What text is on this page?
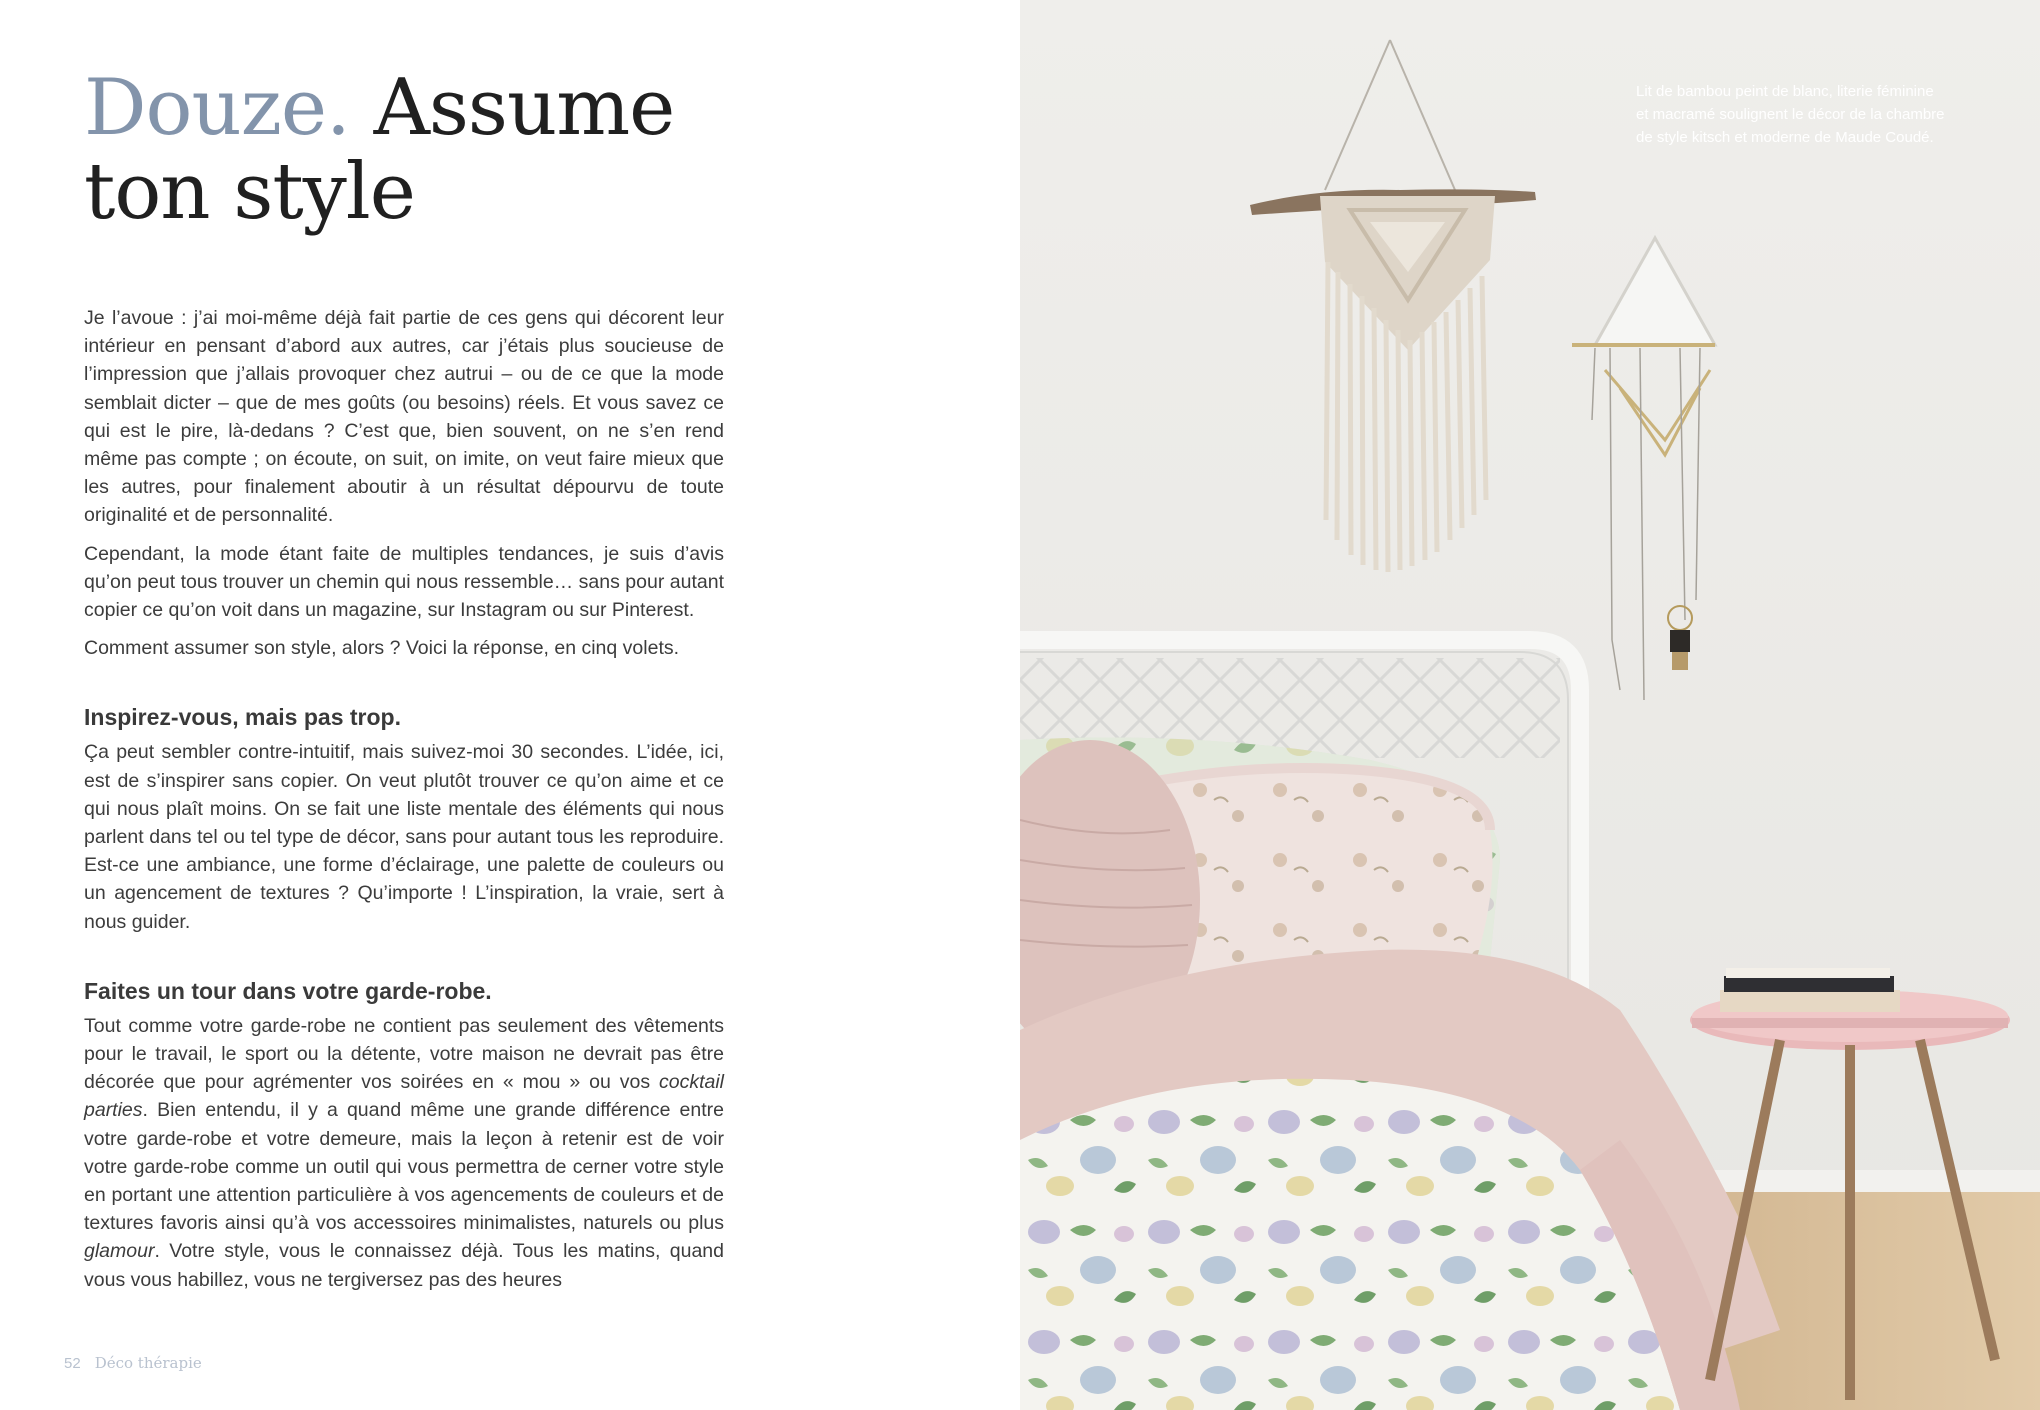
Douze. Assume
ton style

Je l’avoue : j’ai moi-même déjà fait partie de ces gens qui décorent leur intérieur en pensant d’abord aux autres, car j’étais plus soucieuse de l’impression que j’allais provoquer chez autrui – ou de ce que la mode semblait dicter – que de mes goûts (ou besoins) réels. Et vous savez ce qui est le pire, là-dedans ? C’est que, bien souvent, on ne s’en rend même pas compte ; on écoute, on suit, on imite, on veut faire mieux que les autres, pour finalement aboutir à un résultat dépourvu de toute originalité et de personnalité.

Cependant, la mode étant faite de multiples tendances, je suis d’avis qu’on peut tous trouver un chemin qui nous ressemble… sans pour autant copier ce qu’on voit dans un magazine, sur Instagram ou sur Pinterest.

Comment assumer son style, alors ? Voici la réponse, en cinq volets.

Inspirez-vous, mais pas trop.

Ça peut sembler contre-intuitif, mais suivez-moi 30 secondes. L’idée, ici, est de s’inspirer sans copier. On veut plutôt trouver ce qu’on aime et ce qui nous plaît moins. On se fait une liste mentale des éléments qui nous parlent dans tel ou tel type de décor, sans pour autant tous les reproduire. Est-ce une ambiance, une forme d’éclairage, une palette de couleurs ou un agencement de textures ? Qu’importe ! L’inspiration, la vraie, sert à nous guider.

Faites un tour dans votre garde-robe.

Tout comme votre garde-robe ne contient pas seulement des vêtements pour le travail, le sport ou la détente, votre maison ne devrait pas être décorée que pour agrémenter vos soirées en « mou » ou vos cocktail parties. Bien entendu, il y a quand même une grande différence entre votre garde-robe et votre demeure, mais la leçon à retenir est de voir votre garde-robe comme un outil qui vous permettra de cerner votre style en portant une attention particulière à vos agencements de couleurs et de textures favoris ainsi qu’à vos accessoires minimalistes, naturels ou plus glamour. Votre style, vous le connaissez déjà. Tous les matins, quand vous vous habillez, vous ne tergiversez pas des heures

52 Déco thérapie
Lit de bambou peint de blanc, literie féminine et macramé soulignent le décor de la chambre de style kitsch et moderne de Maude Coudé.
